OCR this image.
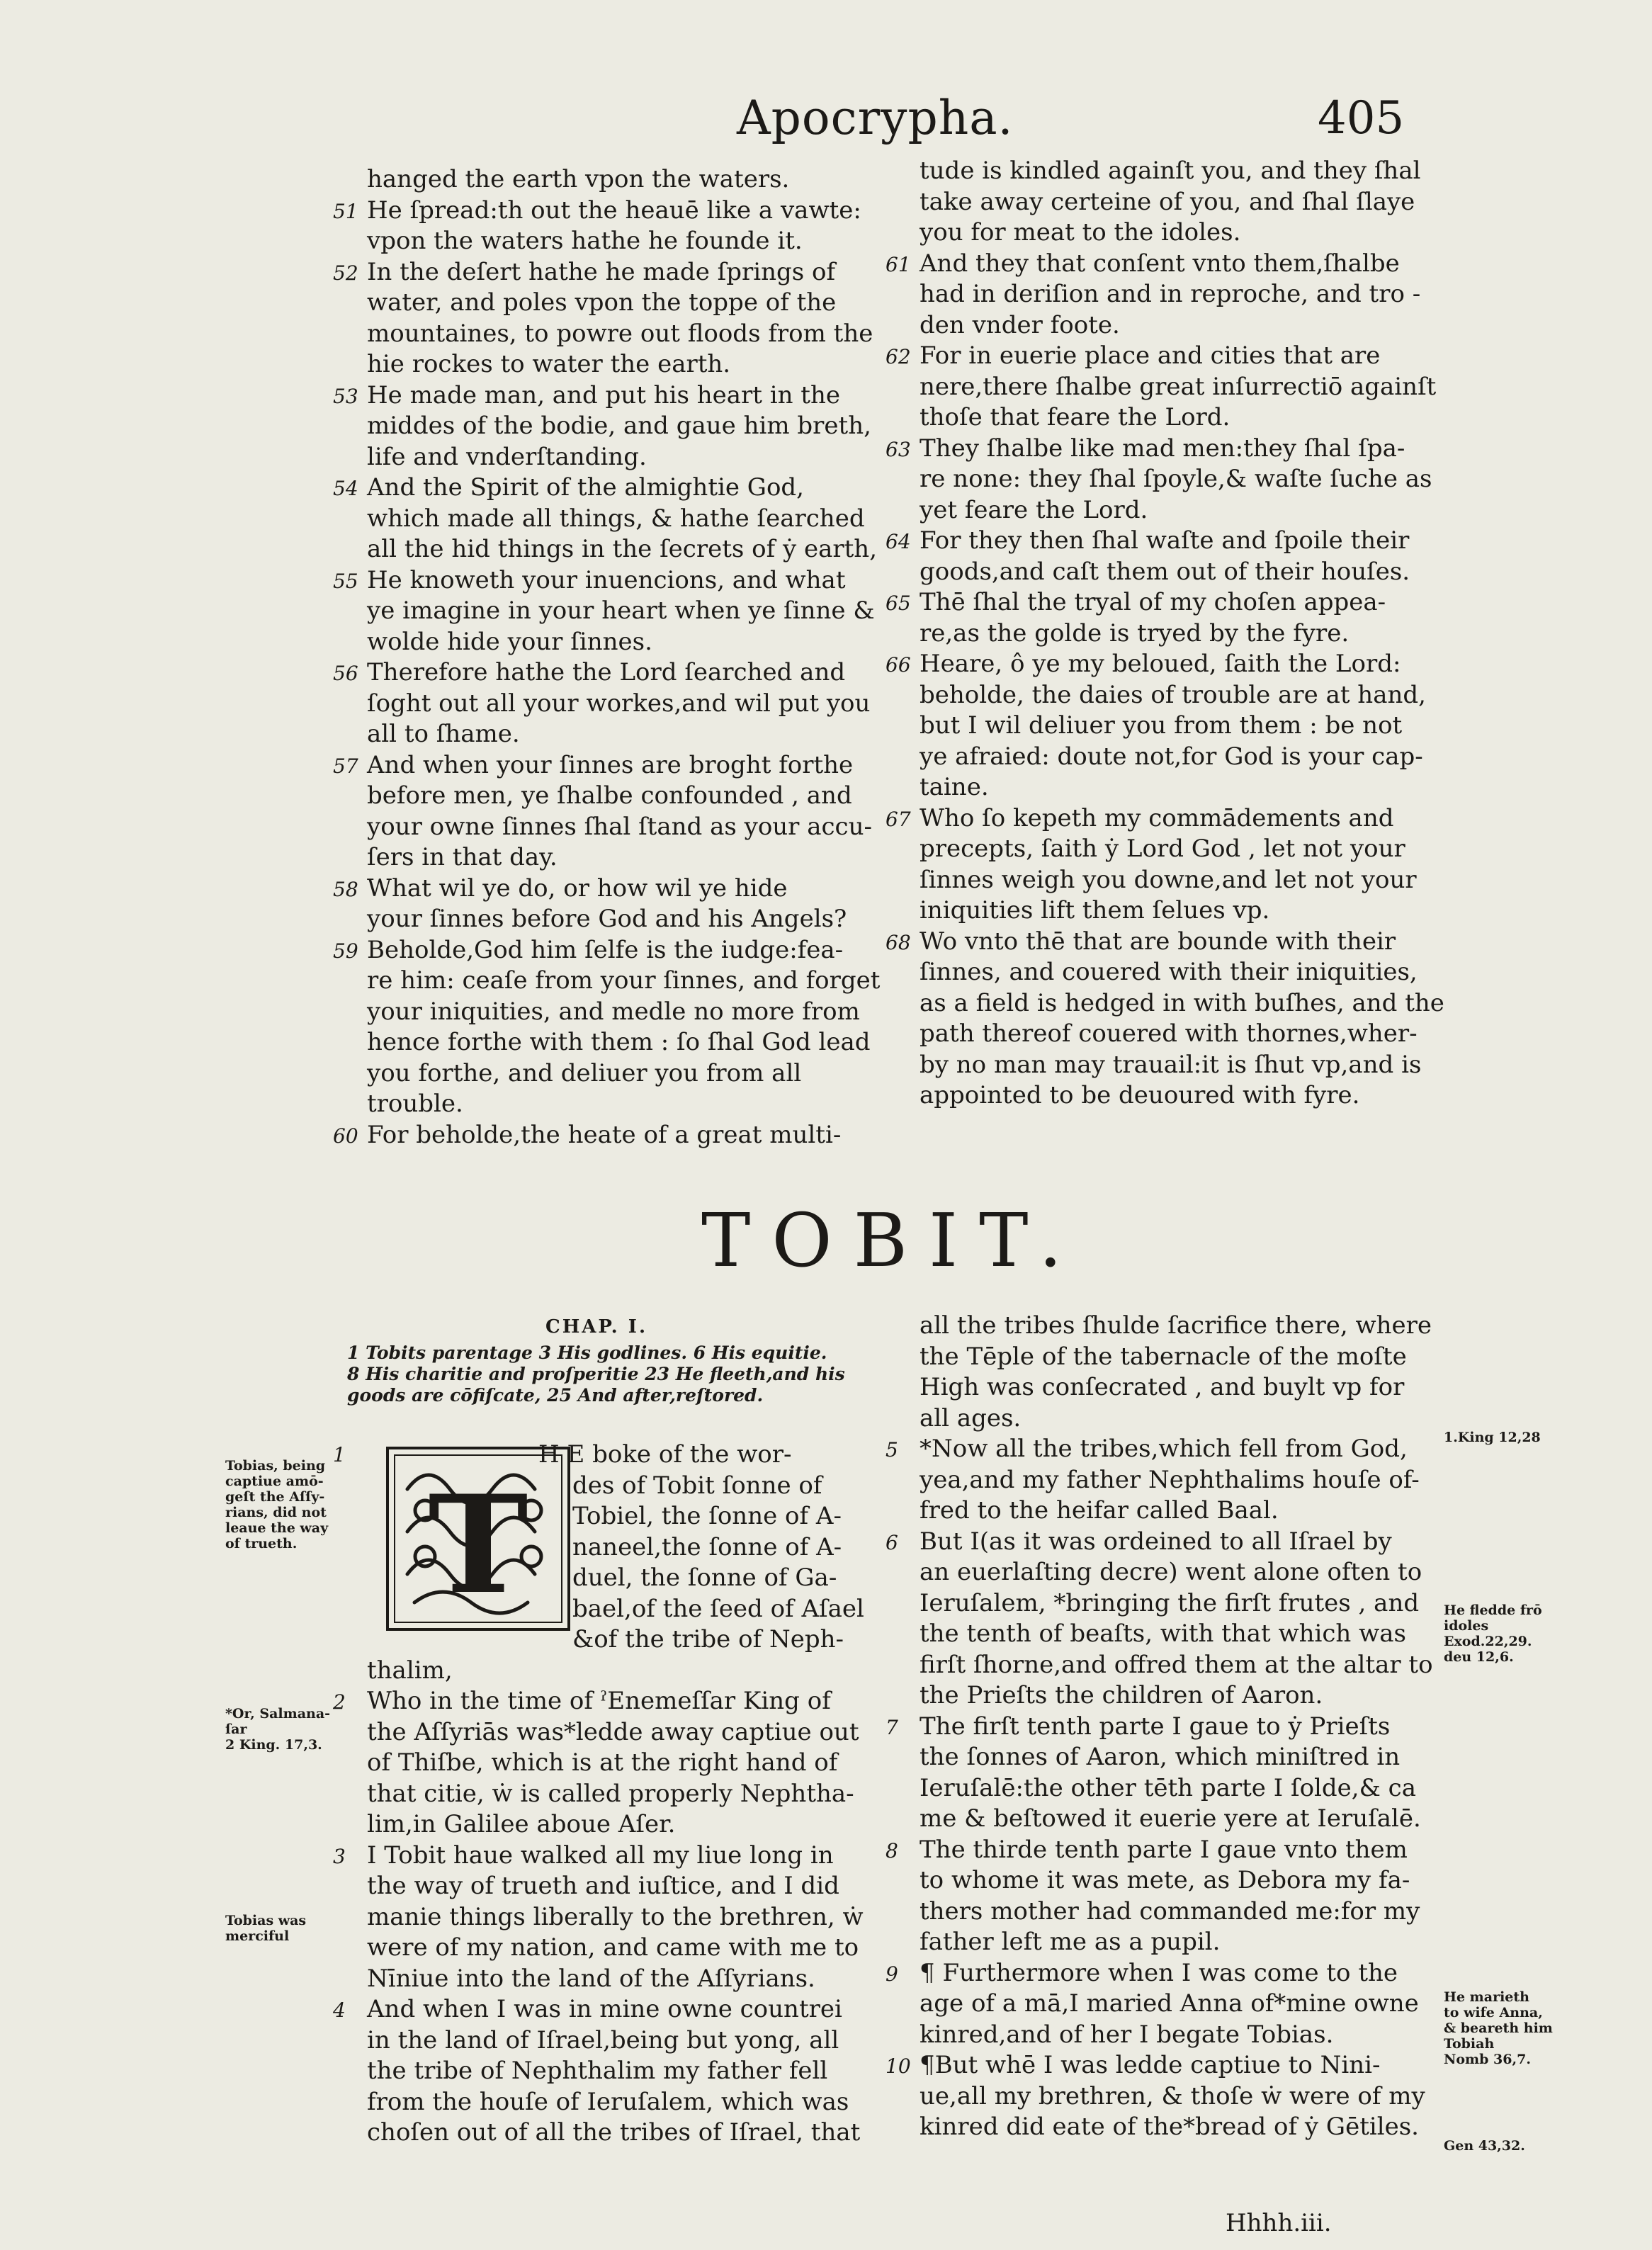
Apocrypha.	405
hanged the earth vpon the waters.
51 He ſpread:th out the heauē like a vawte:
vpon the waters hathe he founde it.
52 In the deſert hathe he made ſprings of
water, and poles vpon the toppe of the
mountaines, to powre out floods from the
hie rockes to water the earth.
53 He made man, and put his heart in the
middes of the bodie, and gaue him breth,
life and vnderſtanding.
54 And the Spirit of the almightie God,
which made all things, & hathe ſearched
all the hid things in the ſecrets of ẏ earth,
55 He knoweth your inuencions, and what
ye imagine in your heart when ye ſinne &
wolde hide your ſinnes.
56 Therefore hathe the Lord ſearched and
ſoght out all your workes,and wil put you
all to ſhame.
57 And when your ſinnes are broght forthe
before men, ye ſhalbe confounded , and
your owne ſinnes ſhal ſtand as your accu-
ſers in that day.
58 What wil ye do, or how wil ye hide
your ſinnes before God and his Angels?
59 Beholde,God him ſelfe is the iudge:fea-
re him: ceaſe from your ſinnes, and forget
your iniquities, and medle no more from
hence forthe with them : ſo ſhal God lead
you forthe, and deliuer you from all
trouble.
60 For beholde,the heate of a great multi-
tude is kindled againſt you, and they ſhal
take away certeine of you, and ſhal ſlaye
you for meat to the idoles.
61 And they that conſent vnto them,ſhalbe
had in deriſion and in reproche, and tro -
den vnder foote.
62 For in euerie place and cities that are
nere,there ſhalbe great inſurrectiō againſt
thoſe that feare the Lord.
63 They ſhalbe like mad men:they ſhal ſpa-
re none: they ſhal ſpoyle,& waſte ſuche as
yet feare the Lord.
64 For they then ſhal waſte and ſpoile their
goods,and caſt them out of their houſes.
65 Thē ſhal the tryal of my choſen appea-
re,as the golde is tryed by the fyre.
66 Heare, ô ye my beloued, ſaith the Lord:
beholde, the daies of trouble are at hand,
but I wil deliuer you from them : be not
ye afraied: doute not,for God is your cap-
taine.
67 Who ſo kepeth my commādements and
precepts, ſaith ẏ Lord God , let not your
ſinnes weigh you downe,and let not your
iniquities lift them ſelues vp.
68 Wo vnto thē that are bounde with their
ſinnes, and couered with their iniquities,
as a field is hedged in with buſhes, and the
path thereof couered with thornes,wher-
by no man may trauail:it is ſhut vp,and is
appointed to be deuoured with fyre.
TOBIT.
CHAP. I.
1 Tobits parentage 3 His godlines. 6 His equitie.
8 His charitie and proſperitie 23 He fleeth,and his
goods are cōfiſcate, 25 And after,reſtored.
T
1	H E boke of the wor-
des of Tobit ſonne of
Tobiel, the ſonne of A-
naneel,the ſonne of A-
duel, the ſonne of Ga-
bael,of the ſeed of Aſael
&of the tribe of Neph-
thalim,
2 Who in the time of ˀEnemeſſar King of
the Aſſyriās was*ledde away captiue out
of Thiſbe, which is at the right hand of
that citie, ẇ is called properly Nephtha-
lim,in Galilee aboue Aſer.
3 I Tobit haue walked all my liue long in
the way of trueth and iuſtice, and I did
manie things liberally to the brethren, ẇ
were of my nation, and came with me to
Nīniue into the land of the Aſſyrians.
4 And when I was in mine owne countrei
in the land of Iſrael,being but yong, all
the tribe of Nephthalim my father fell
from the houſe of Ieruſalem, which was
choſen out of all the tribes of Iſrael, that
all the tribes ſhulde ſacrifice there, where
the Tēple of the tabernacle of the moſte
High was conſecrated , and buylt vp for
all ages.
5 *Now all the tribes,which fell from God,
yea,and my father Nephthalims houſe of-
fred to the heifar called Baal.
6 But I(as it was ordeined to all Iſrael by
an euerlaſting decre) went alone often to
Ieruſalem, *bringing the firſt frutes , and
the tenth of beaſts, with that which was
firſt ſhorne,and offred them at the altar to
the Prieſts the children of Aaron.
7 The firſt tenth parte I gaue to ẏ Prieſts
the ſonnes of Aaron, which miniſtred in
Ieruſalē:the other tēth parte I ſolde,& ca
me & beſtowed it euerie yere at Ieruſalē.
8 The thirde tenth parte I gaue vnto them
to whome it was mete, as Debora my fa-
thers mother had commanded me:for my
father left me as a pupil.
9 ¶ Furthermore when I was come to the
age of a mā,I maried Anna of*mine owne
kinred,and of her I begate Tobias.
10 ¶But whē I was ledde captiue to Nini-
ue,all my brethren, & thoſe ẇ were of my
kinred did eate of the*bread of ẏ Gētiles.
Tobias, being
captiue amō-
geſt the Aſſy-
rians, did not
leaue the way
of trueth.
*Or, Salmana-
ſar
2 King. 17,3.
Tobias was
merciful
1.King 12,28
He fledde frō
idoles
Exod.22,29.
deu 12,6.
He marieth
to wife Anna,
& beareth him
Tobiah
Nomb 36,7.
Gen 43,32.
Hhhh.iii.
